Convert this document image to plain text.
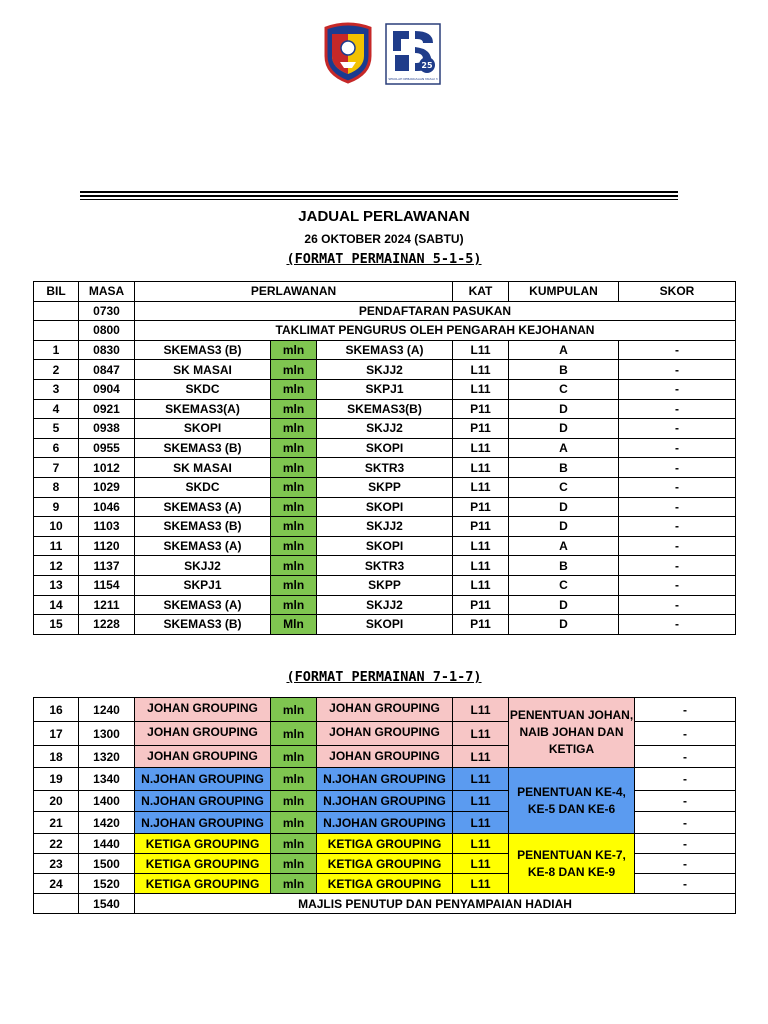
25
SEKOLAH KEBANGSAAN MASAI 3
JADUAL PERLAWANAN
26 OKTOBER 2024 (SABTU)
(FORMAT PERMAINAN 5-1-5)
BIL	MASA	PERLAWANAN			KAT	KUMPULAN	SKOR
	0730	PENDAFTARAN PASUKAN					
	0800	TAKLIMAT PENGURUS OLEH PENGARAH KEJOHANAN					
1	0830	SKEMAS3 (B)	mln	SKEMAS3 (A)	L11	A	-
2	0847	SK MASAI	mln	SKJJ2	L11	B	-
3	0904	SKDC	mln	SKPJ1	L11	C	-
4	0921	SKEMAS3(A)	mln	SKEMAS3(B)	P11	D	-
5	0938	SKOPI	mln	SKJJ2	P11	D	-
6	0955	SKEMAS3 (B)	mln	SKOPI	L11	A	-
7	1012	SK MASAI	mln	SKTR3	L11	B	-
8	1029	SKDC	mln	SKPP	L11	C	-
9	1046	SKEMAS3 (A)	mln	SKOPI	P11	D	-
10	1103	SKEMAS3 (B)	mln	SKJJ2	P11	D	-
11	1120	SKEMAS3 (A)	mln	SKOPI	L11	A	-
12	1137	SKJJ2	mln	SKTR3	L11	B	-
13	1154	SKPJ1	mln	SKPP	L11	C	-
14	1211	SKEMAS3 (A)	mln	SKJJ2	P11	D	-
15	1228	SKEMAS3 (B)	Mln	SKOPI	P11	D	-
(FORMAT PERMAINAN 7-1-7)
16	1240	JOHAN GROUPING	mln	JOHAN GROUPING	L11	PENENTUAN JOHAN, NAIB JOHAN DAN KETIGA	-
17	1300	JOHAN GROUPING	mln	JOHAN GROUPING	L11		-
18	1320	JOHAN GROUPING	mln	JOHAN GROUPING	L11		-
19	1340	N.JOHAN GROUPING	mln	N.JOHAN GROUPING	L11	PENENTUAN KE-4, KE-5 DAN KE-6	-
20	1400	N.JOHAN GROUPING	mln	N.JOHAN GROUPING	L11		-
21	1420	N.JOHAN GROUPING	mln	N.JOHAN GROUPING	L11		-
22	1440	KETIGA GROUPING	mln	KETIGA GROUPING	L11	PENENTUAN KE-7, KE-8 DAN KE-9	-
23	1500	KETIGA GROUPING	mln	KETIGA GROUPING	L11		-
24	1520	KETIGA GROUPING	mln	KETIGA GROUPING	L11		-
	1540	MAJLIS PENUTUP DAN PENYAMPAIAN HADIAH					
